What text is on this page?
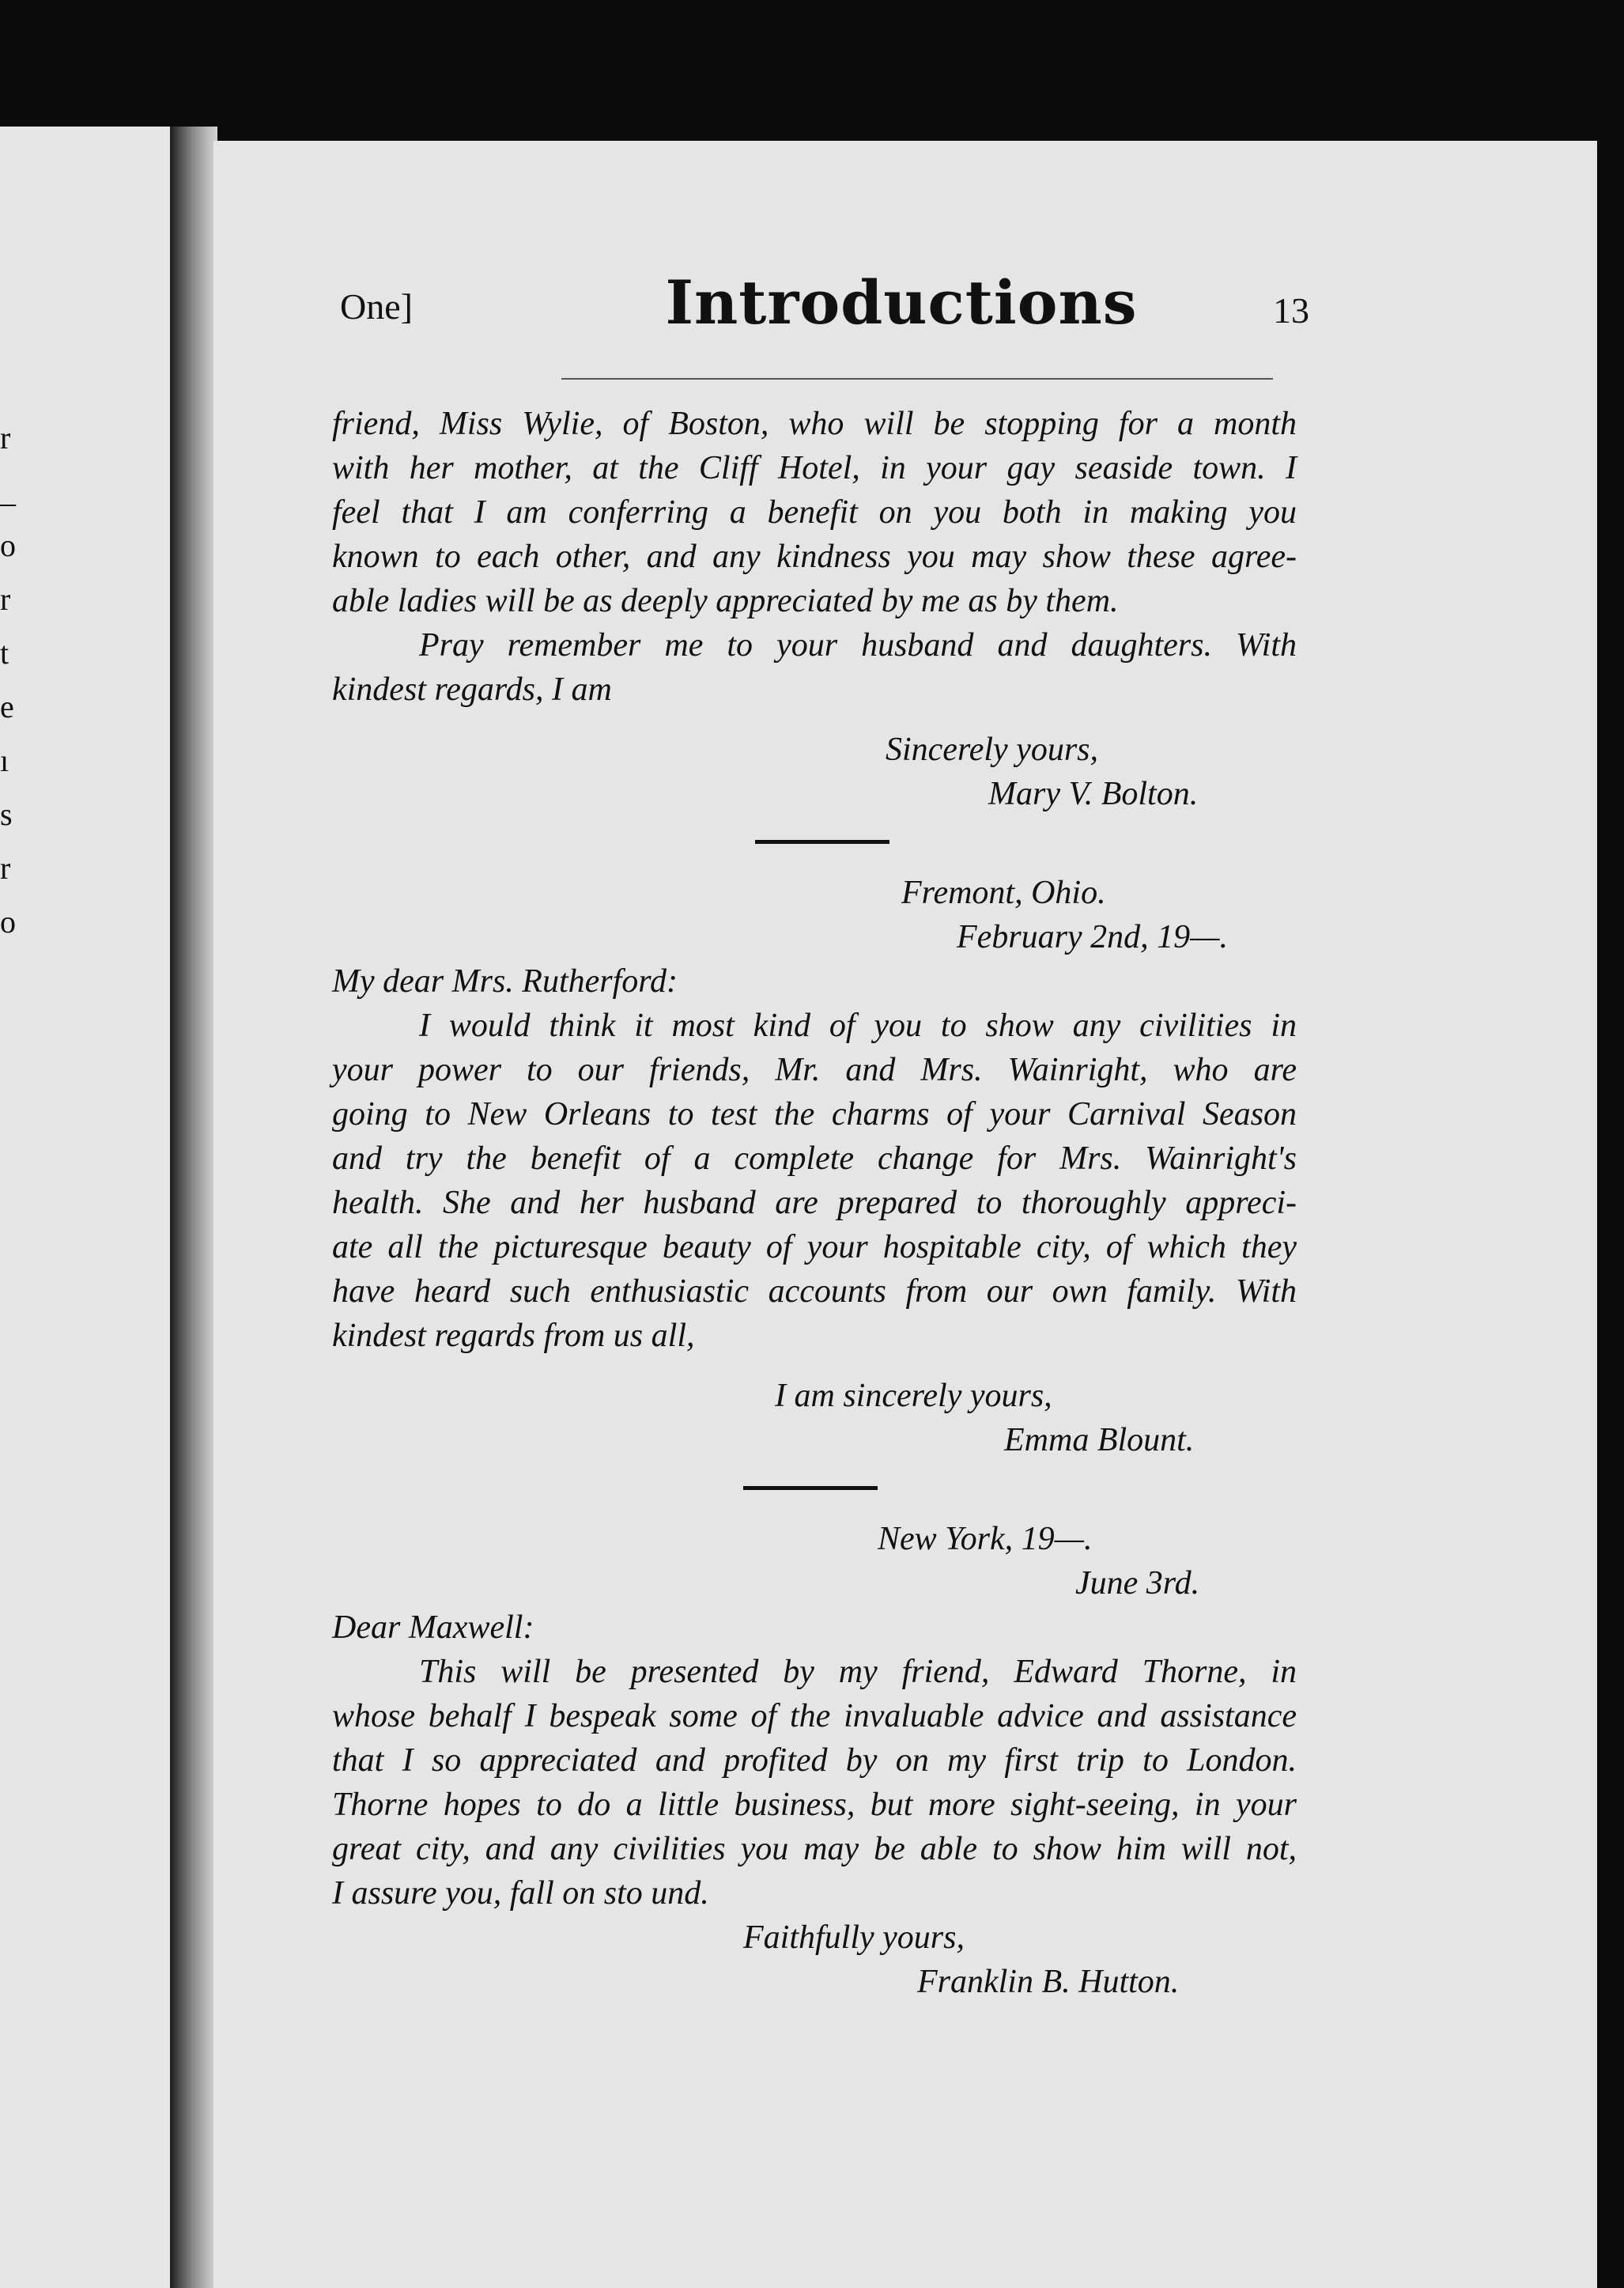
r
_
o
r
t
e
ı
s
r
o
One]	Introductions	13
friend, Miss Wylie, of Boston, who will be stopping for a month
with her mother, at the Cliff Hotel, in your gay seaside town. I
feel that I am conferring a benefit on you both in making you
known to each other, and any kindness you may show these agree-
able ladies will be as deeply appreciated by me as by them.
Pray remember me to your husband and daughters. With
kindest regards, I am
Sincerely yours,
Mary V. Bolton.
Fremont, Ohio.
February 2nd, 19—.
My dear Mrs. Rutherford:
I would think it most kind of you to show any civilities in
your power to our friends, Mr. and Mrs. Wainright, who are
going to New Orleans to test the charms of your Carnival Season
and try the benefit of a complete change for Mrs. Wainright's
health. She and her husband are prepared to thoroughly appreci-
ate all the picturesque beauty of your hospitable city, of which they
have heard such enthusiastic accounts from our own family. With
kindest regards from us all,
I am sincerely yours,
Emma Blount.
New York, 19—.
June 3rd.
Dear Maxwell:
This will be presented by my friend, Edward Thorne, in
whose behalf I bespeak some of the invaluable advice and assistance
that I so appreciated and profited by on my first trip to London.
Thorne hopes to do a little business, but more sight-seeing, in your
great city, and any civilities you may be able to show him will not,
I assure you, fall on sto und.
Faithfully yours,
Franklin B. Hutton.
